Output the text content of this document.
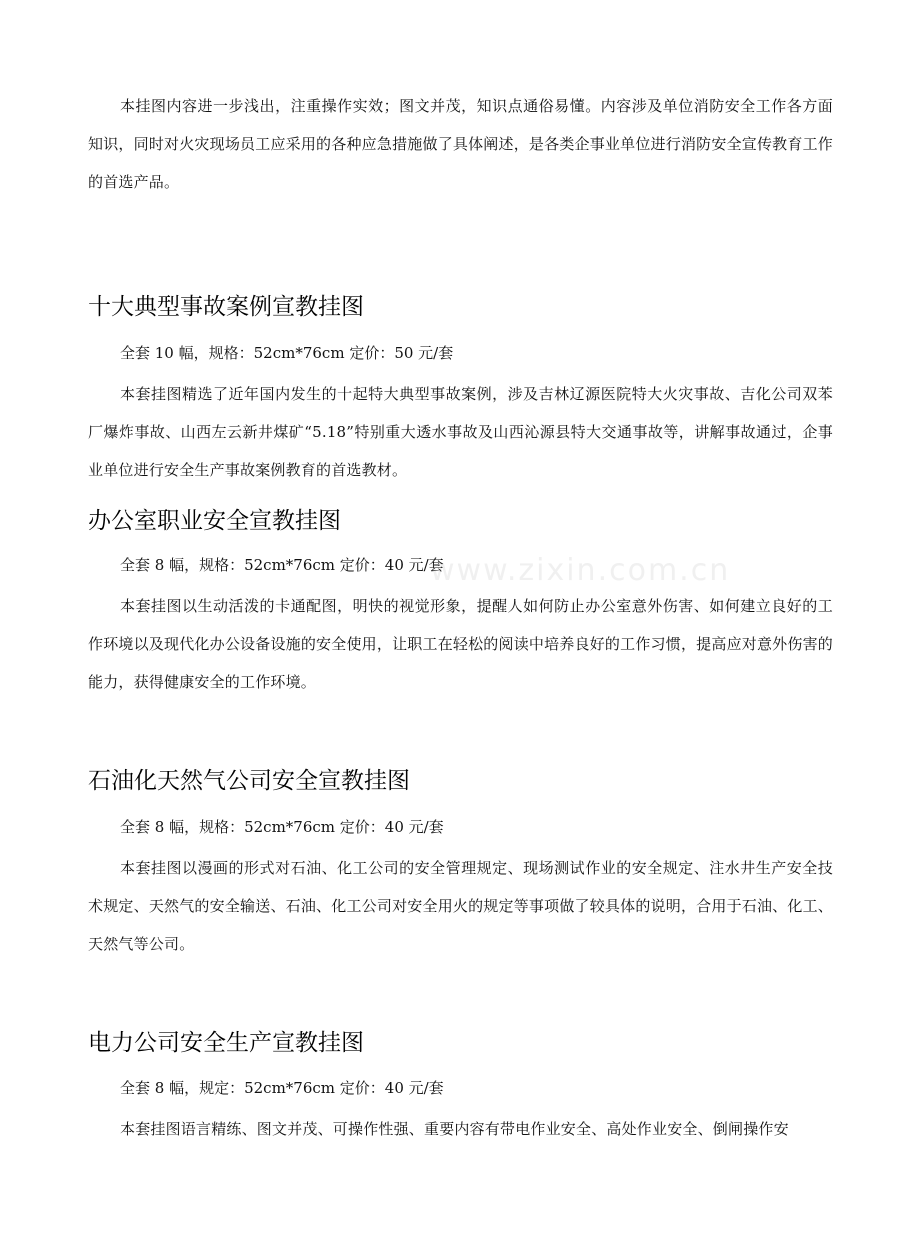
本挂图内容进一步浅出，注重操作实效；图文并茂，知识点通俗易懂。内容涉及单位消防安全工作各方面知识，同时对火灾现场员工应采用的各种应急措施做了具体阐述，是各类企事业单位进行消防安全宣传教育工作的首选产品。

十大典型事故案例宣教挂图

全套 10 幅，规格：52cm*76cm 定价：50 元/套

本套挂图精选了近年国内发生的十起特大典型事故案例，涉及吉林辽源医院特大火灾事故、吉化公司双苯厂爆炸事故、山西左云新井煤矿“5.18”特别重大透水事故及山西沁源县特大交通事故等，讲解事故通过，企事业单位进行安全生产事故案例教育的首选教材。

办公室职业安全宣教挂图

全套 8 幅，规格：52cm*76cm 定价：40 元/套

本套挂图以生动活泼的卡通配图，明快的视觉形象，提醒人如何防止办公室意外伤害、如何建立良好的工作环境以及现代化办公设备设施的安全使用，让职工在轻松的阅读中培养良好的工作习惯，提高应对意外伤害的能力，获得健康安全的工作环境。

石油化天然气公司安全宣教挂图

全套 8 幅，规格：52cm*76cm 定价：40 元/套

本套挂图以漫画的形式对石油、化工公司的安全管理规定、现场测试作业的安全规定、注水井生产安全技术规定、天然气的安全输送、石油、化工公司对安全用火的规定等事项做了较具体的说明，合用于石油、化工、天然气等公司。

电力公司安全生产宣教挂图

全套 8 幅，规定：52cm*76cm 定价：40 元/套

本套挂图语言精练、图文并茂、可操作性强、重要内容有带电作业安全、高处作业安全、倒闸操作安

www.zixin.com.cn
